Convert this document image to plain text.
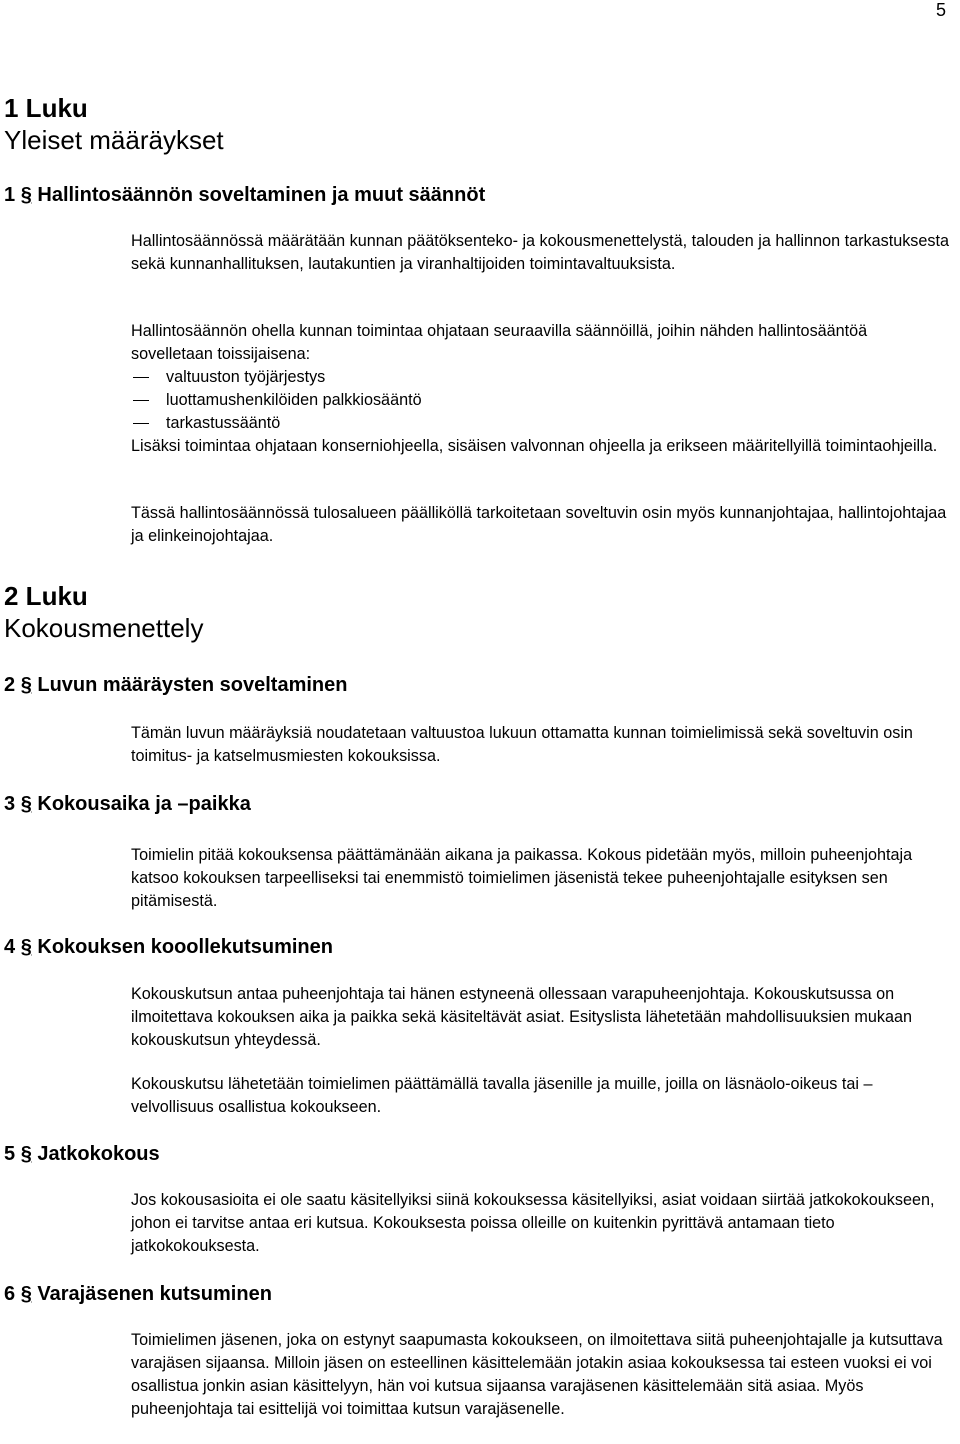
5
1 Luku
Yleiset määräykset
1 § Hallintosäännön soveltaminen ja muut säännöt

Hallintosäännössä määrätään kunnan päätöksenteko- ja kokousmenettelystä, talouden ja hallinnon tarkastuksesta sekä kunnanhallituksen, lautakuntien ja viranhaltijoiden toimintavaltuuksista.

Hallintosäännön ohella kunnan toimintaa ohjataan seuraavilla säännöillä, joihin nähden hallintosääntöä sovelletaan toissijaisena:

valtuuston työjärjestys
luottamushenkilöiden palkkiosääntö
tarkastussääntö

Lisäksi toimintaa ohjataan konserniohjeella, sisäisen valvonnan ohjeella ja erikseen määritellyillä toimintaohjeilla.

Tässä hallintosäännössä tulosalueen päälliköllä tarkoitetaan soveltuvin osin myös kunnanjohtajaa, hallintojohtajaa ja elinkeinojohtajaa.

2 Luku
Kokousmenettely
2 § Luvun määräysten soveltaminen

Tämän luvun määräyksiä noudatetaan valtuustoa lukuun ottamatta kunnan toimielimissä sekä soveltuvin osin toimitus- ja katselmusmiesten kokouksissa.

3 § Kokousaika ja –paikka

Toimielin pitää kokouksensa päättämänään aikana ja paikassa. Kokous pidetään myös, milloin puheenjohtaja katsoo kokouksen tarpeelliseksi tai enemmistö toimielimen jäsenistä tekee puheenjohtajalle esityksen sen pitämisestä.

4 § Kokouksen kooollekutsuminen

Kokouskutsun antaa puheenjohtaja tai hänen estyneenä ollessaan varapuheenjohtaja. Kokouskutsussa on ilmoitettava kokouksen aika ja paikka sekä käsiteltävät asiat. Esityslista lähetetään mahdollisuuksien mukaan kokouskutsun yhteydessä.

Kokouskutsu lähetetään toimielimen päättämällä tavalla jäsenille ja muille, joilla on läsnäolo-oikeus tai –velvollisuus osallistua kokoukseen.

5 § Jatkokokous

Jos kokousasioita ei ole saatu käsitellyiksi siinä kokouksessa käsitellyiksi, asiat voidaan siirtää jatkokokoukseen, johon ei tarvitse antaa eri kutsua. Kokouksesta poissa olleille on kuitenkin pyrittävä antamaan tieto jatkokokouksesta.

6 § Varajäsenen kutsuminen

Toimielimen jäsenen, joka on estynyt saapumasta kokoukseen, on ilmoitettava siitä puheenjohtajalle ja kutsuttava varajäsen sijaansa. Milloin jäsen on esteellinen käsittelemään jotakin asiaa kokouksessa tai esteen vuoksi ei voi osallistua jonkin asian käsittelyyn, hän voi kutsua sijaansa varajäsenen käsittelemään sitä asiaa. Myös puheenjohtaja tai esittelijä voi toimittaa kutsun varajäsenelle.
